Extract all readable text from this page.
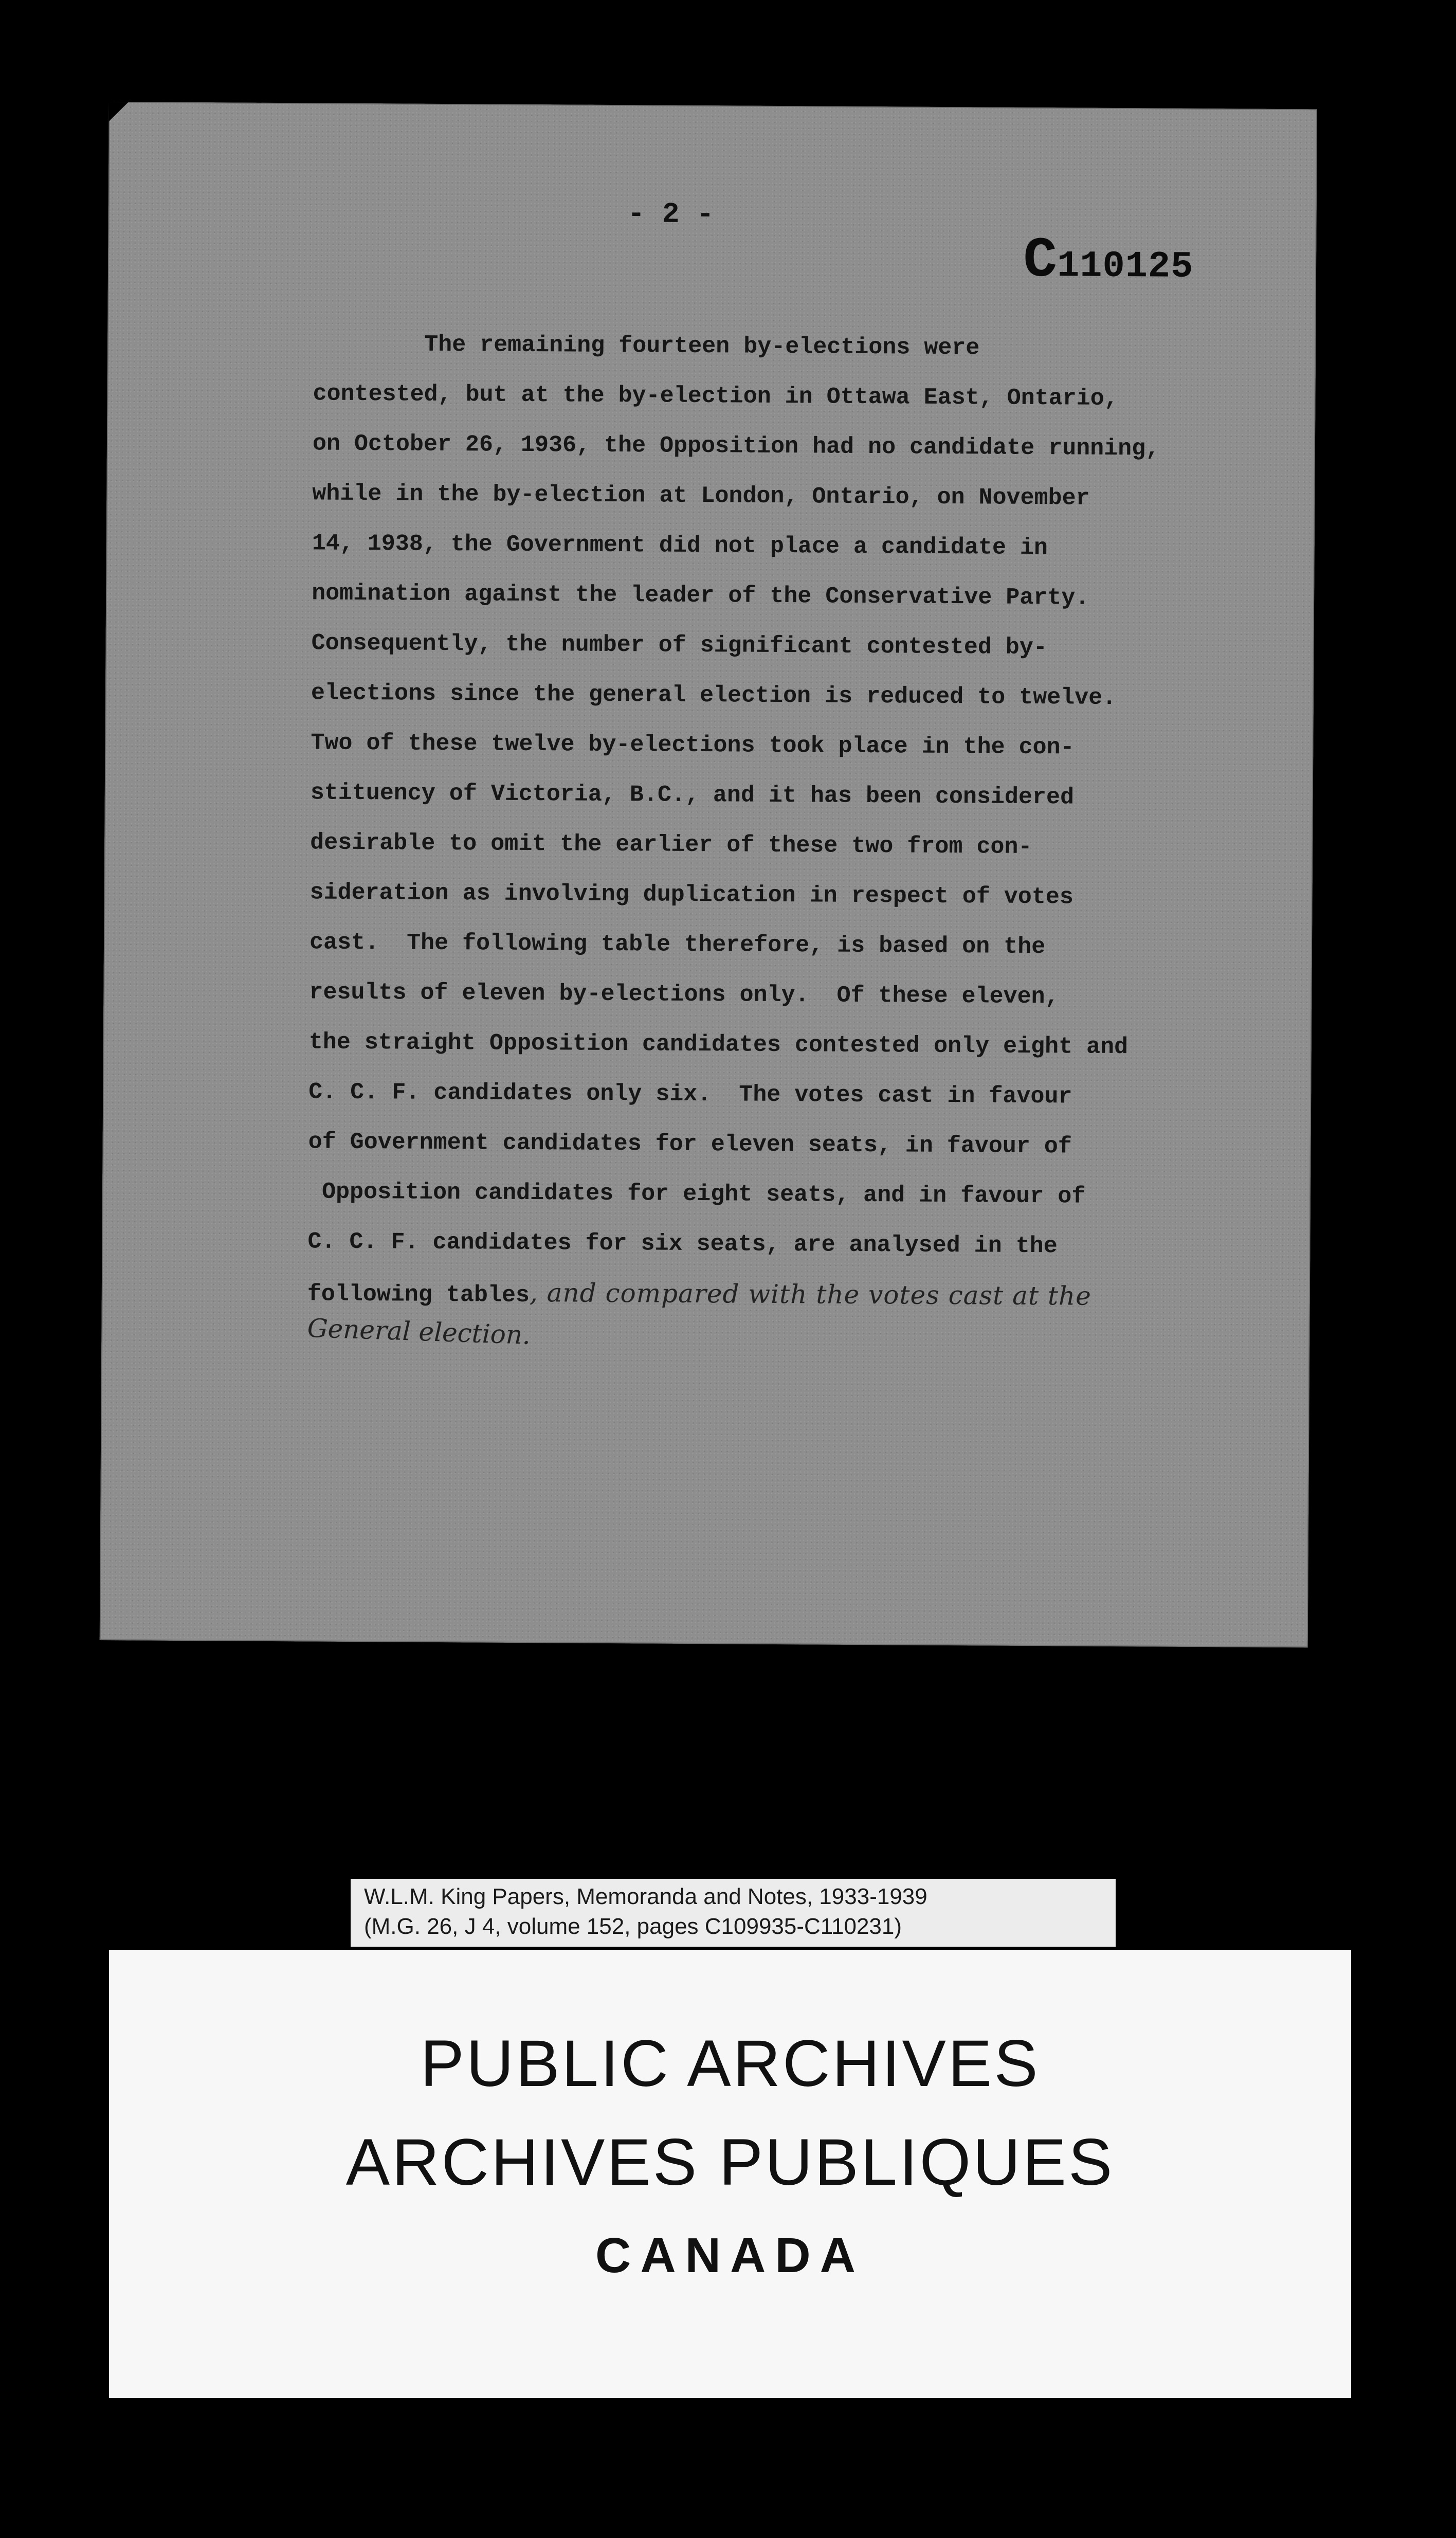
- 2 -
C110125
The remaining fourteen by-elections were
contested, but at the by-election in Ottawa East, Ontario,
on October 26, 1936, the Opposition had no candidate running,
while in the by-election at London, Ontario, on November
14, 1938, the Government did not place a candidate in
nomination against the leader of the Conservative Party.
Consequently, the number of significant contested by-
elections since the general election is reduced to twelve.
Two of these twelve by-elections took place in the con-
stituency of Victoria, B.C., and it has been considered
desirable to omit the earlier of these two from con-
sideration as involving duplication in respect of votes
cast.  The following table therefore, is based on the
results of eleven by-elections only.  Of these eleven,
the straight Opposition candidates contested only eight and
C. C. F. candidates only six.  The votes cast in favour
of Government candidates for eleven seats, in favour of
Opposition candidates for eight seats, and in favour of
C. C. F. candidates for six seats, are analysed in the
following tables, and compared with the votes cast at the
General election.
W.L.M. King Papers, Memoranda and Notes, 1933-1939
(M.G. 26, J 4, volume 152, pages C109935-C110231)
PUBLIC ARCHIVES
ARCHIVES PUBLIQUES
CANADA
